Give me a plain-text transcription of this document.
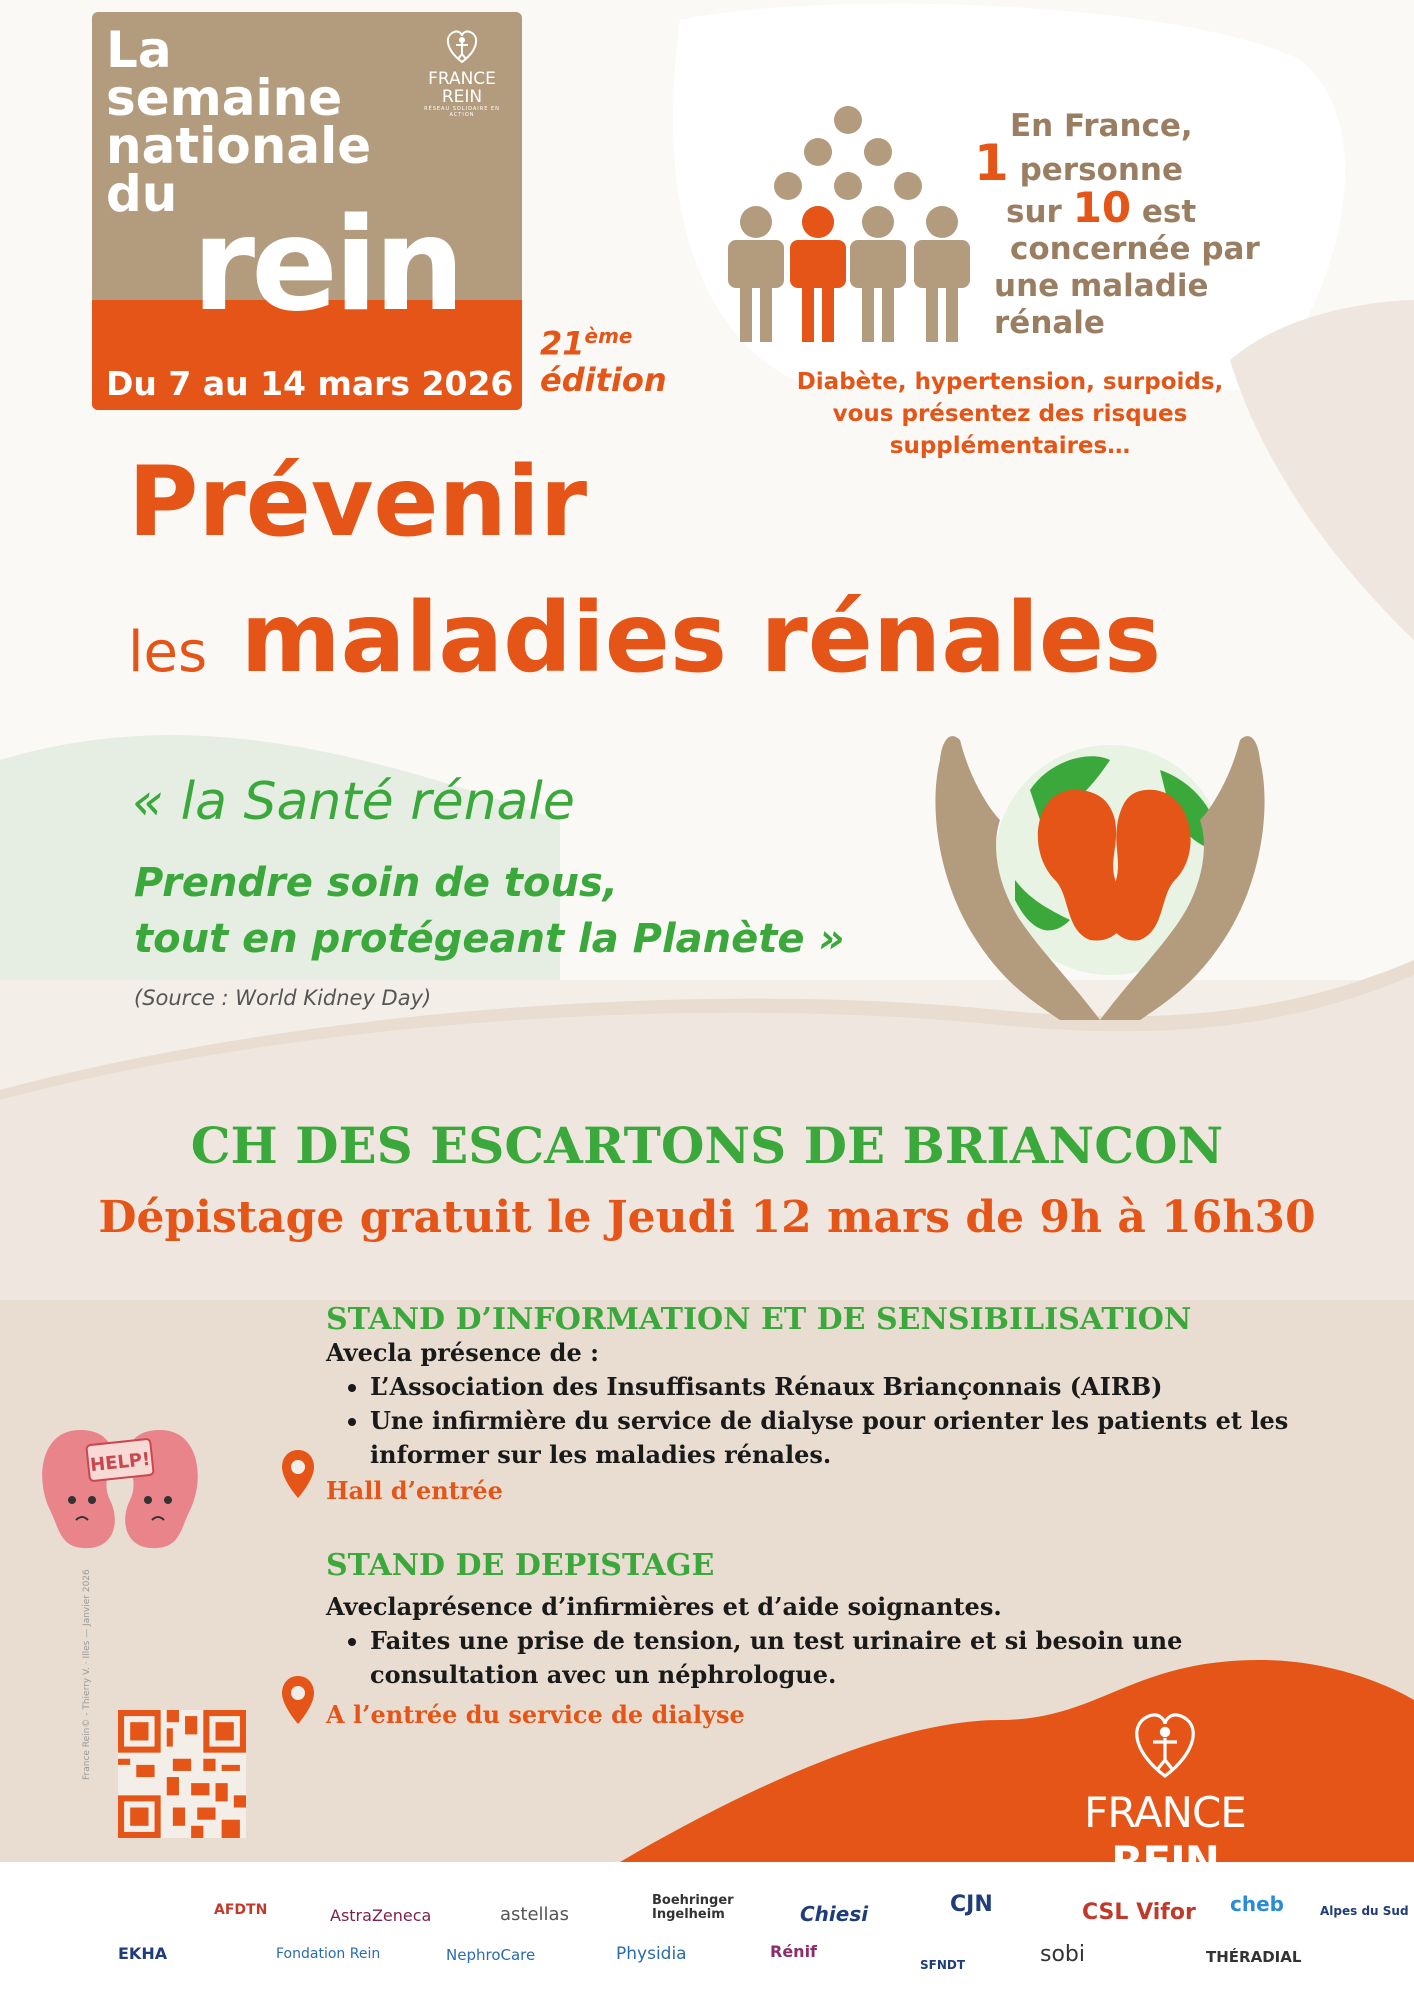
La
semaine
nationale
du rein
Du 7 au 14 mars 2026
FRANCE REIN
RÉSEAU SOLIDAIRE EN ACTION
21ème
édition
En France,
1 personne
sur 10 est
concernée par
une maladie
rénale
Diabète, hypertension, surpoids,
vous présentez des risques
supplémentaires…
Prévenir
les maladies rénales
« la Santé rénale
Prendre soin de tous,
tout en protégeant la Planète »
(Source : World Kidney Day)
CH DES ESCARTONS DE BRIANCON
Dépistage gratuit le Jeudi 12 mars de 9h à 16h30
STAND D’INFORMATION ET DE SENSIBILISATION
Avecla présence de :
• L’Association des Insuffisants Rénaux Briançonnais (AIRB)
• Une infirmière du service de dialyse pour orienter les patients et les informer sur les maladies rénales.
Hall d’entrée
HELP!
STAND DE DEPISTAGE
Aveclaprésence d’infirmières et d’aide soignantes.
• Faites une prise de tension, un test urinaire et si besoin une consultation avec un néphrologue.
A l’entrée du service de dialyse
France Rein© - Thierry V. · Illes — Janvier 2026
FRANCE
AFDTN	AstraZeneca	astellas
Boehringer Ingelheim	Chiesi	CJN	CSL Vifor cheb	Alpes du Sud
EKHA	Fondation Rein	NephroCare	Physidia	Rénif
SFNDT	sobi	THÉRADIAL
